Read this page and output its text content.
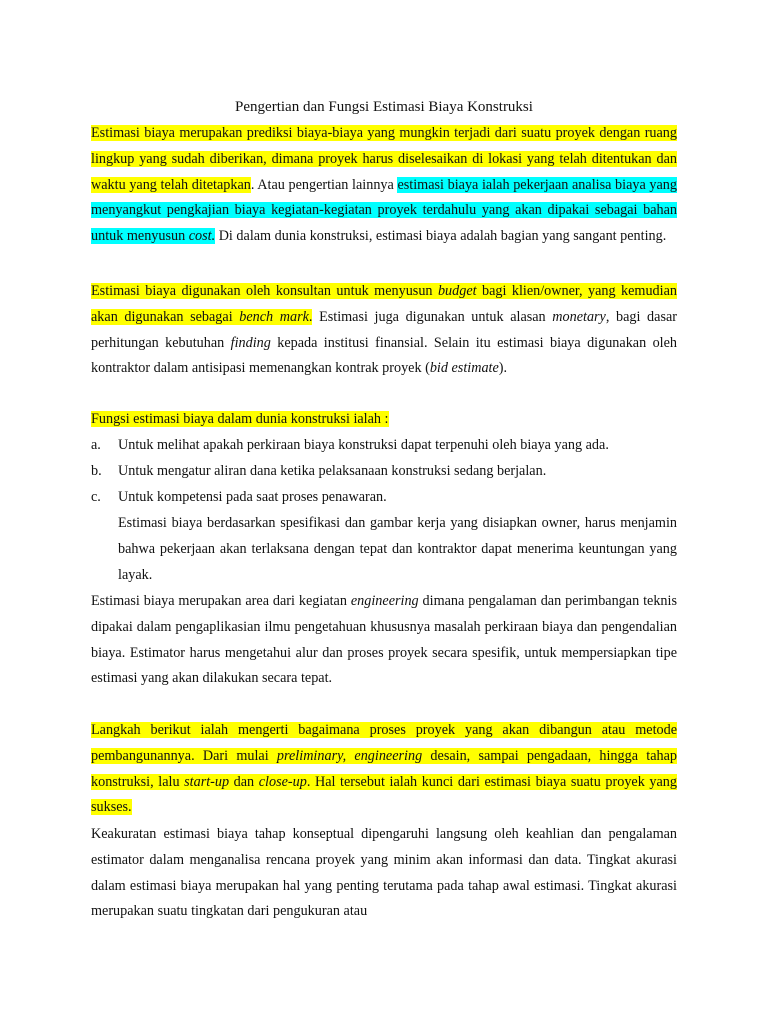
Pengertian dan Fungsi Estimasi Biaya Konstruksi
Estimasi biaya merupakan prediksi biaya-biaya yang mungkin terjadi dari suatu proyek dengan ruang lingkup yang sudah diberikan, dimana proyek harus diselesaikan di lokasi yang telah ditentukan dan waktu yang telah ditetapkan. Atau pengertian lainnya estimasi biaya ialah pekerjaan analisa biaya yang menyangkut pengkajian biaya kegiatan-kegiatan proyek terdahulu yang akan dipakai sebagai bahan untuk menyusun cost. Di dalam dunia konstruksi, estimasi biaya adalah bagian yang sangant penting.
Estimasi biaya digunakan oleh konsultan untuk menyusun budget bagi klien/owner, yang kemudian akan digunakan sebagai bench mark. Estimasi juga digunakan untuk alasan monetary, bagi dasar perhitungan kebutuhan finding kepada institusi finansial. Selain itu estimasi biaya digunakan oleh kontraktor dalam antisipasi memenangkan kontrak proyek (bid estimate).
Fungsi estimasi biaya dalam dunia konstruksi ialah :
a. Untuk melihat apakah perkiraan biaya konstruksi dapat terpenuhi oleh biaya yang ada.
b. Untuk mengatur aliran dana ketika pelaksanaan konstruksi sedang berjalan.
c. Untuk kompetensi pada saat proses penawaran.
Estimasi biaya berdasarkan spesifikasi dan gambar kerja yang disiapkan owner, harus menjamin bahwa pekerjaan akan terlaksana dengan tepat dan kontraktor dapat menerima keuntungan yang layak.
Estimasi biaya merupakan area dari kegiatan engineering dimana pengalaman dan perimbangan teknis dipakai dalam pengaplikasian ilmu pengetahuan khususnya masalah perkiraan biaya dan pengendalian biaya. Estimator harus mengetahui alur dan proses proyek secara spesifik, untuk mempersiapkan tipe estimasi yang akan dilakukan secara tepat.
Langkah berikut ialah mengerti bagaimana proses proyek yang akan dibangun atau metode pembangunannya. Dari mulai preliminary, engineering desain, sampai pengadaan, hingga tahap konstruksi, lalu start-up dan close-up. Hal tersebut ialah kunci dari estimasi biaya suatu proyek yang sukses.
Keakuratan estimasi biaya tahap konseptual dipengaruhi langsung oleh keahlian dan pengalaman estimator dalam menganalisa rencana proyek yang minim akan informasi dan data. Tingkat akurasi dalam estimasi biaya merupakan hal yang penting terutama pada tahap awal estimasi. Tingkat akurasi merupakan suatu tingkatan dari pengukuran atau
